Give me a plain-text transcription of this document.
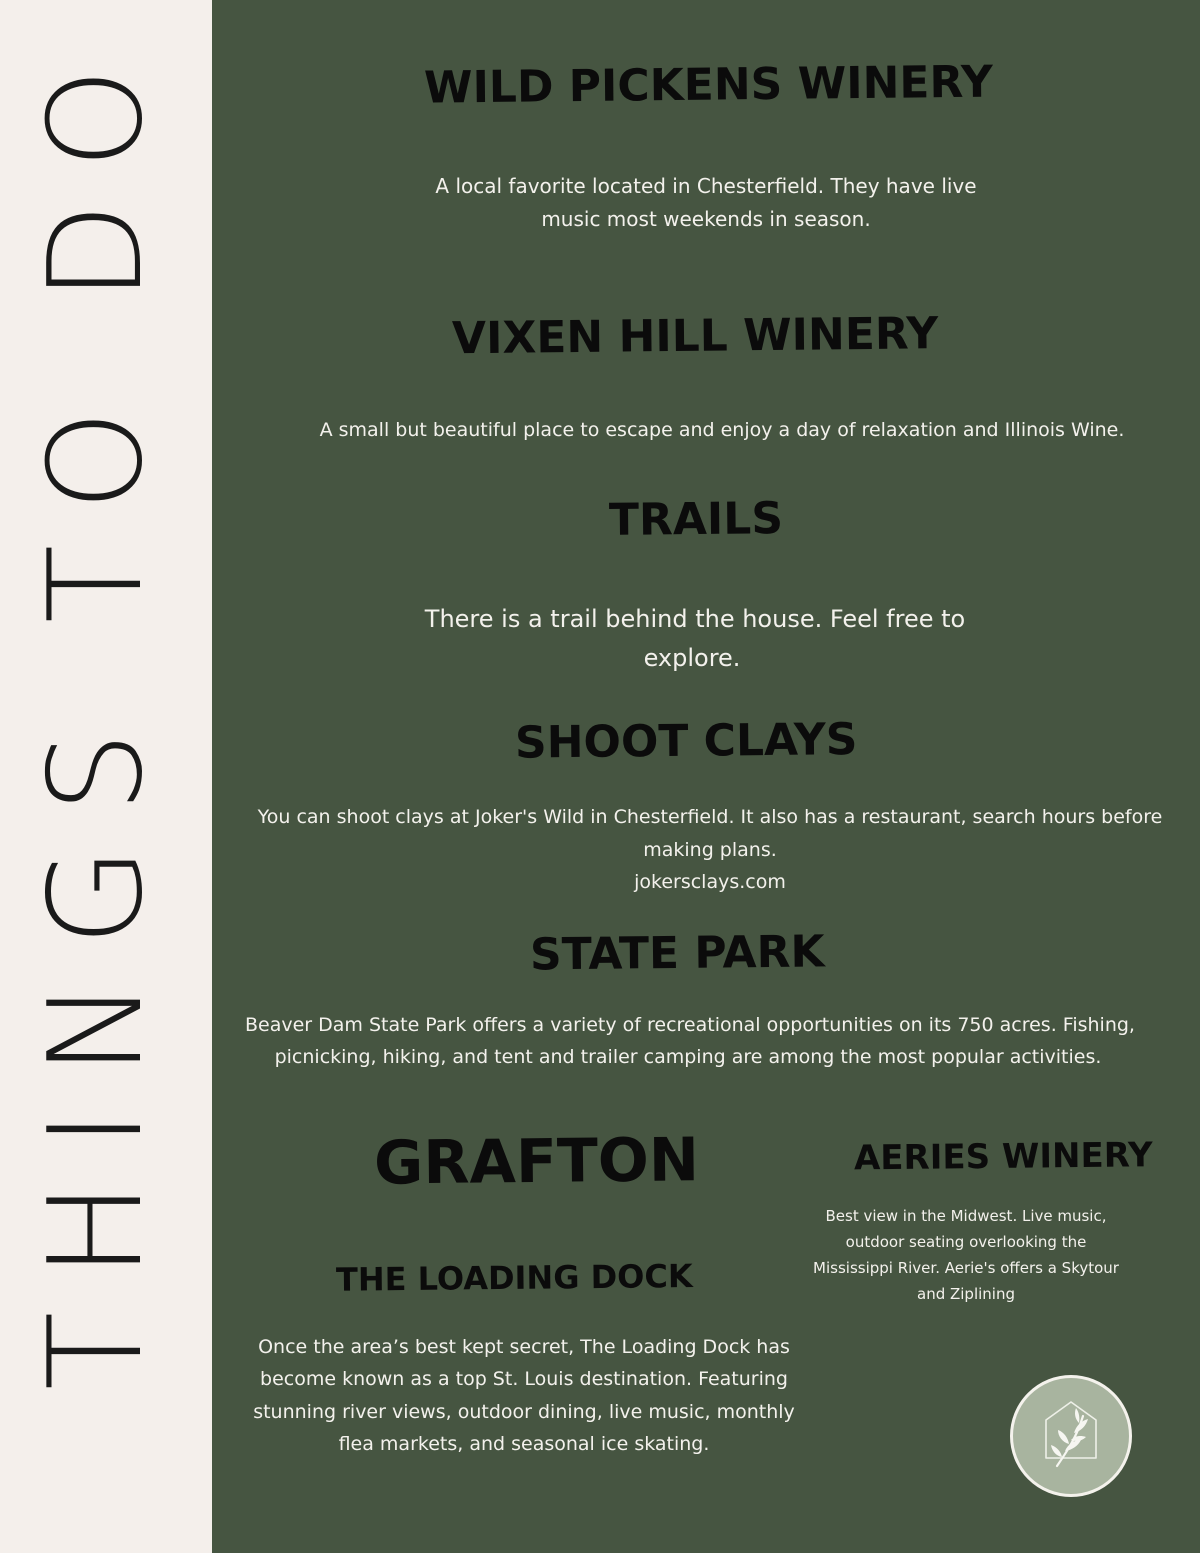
THINGS TO DO	WILD PICKENS WINERY

A local favorite located in Chesterfield. They have live

music most weekends in season.

VIXEN HILL WINERY

A small but beautiful place to escape and enjoy a day of relaxation and Illinois Wine.

TRAILS

There is a trail behind the house. Feel free to

explore.

SHOOT CLAYS

You can shoot clays at Joker's Wild in Chesterfield. It also has a restaurant, search hours before

making plans.

jokersclays.com
STATE PARK

Beaver Dam State Park offers a variety of recreational opportunities on its 750 acres. Fishing,

picnicking, hiking, and tent and trailer camping are among the most popular activities.

GRAFTON
THE LOADING DOCK

Once the area’s best kept secret, The Loading Dock has

become known as a top St. Louis destination. Featuring

stunning river views, outdoor dining, live music, monthly

flea markets, and seasonal ice skating.

AERIES WINERY

Best view in the Midwest. Live music,

outdoor seating overlooking the

Mississippi River. Aerie's offers a Skytour

and Ziplining
